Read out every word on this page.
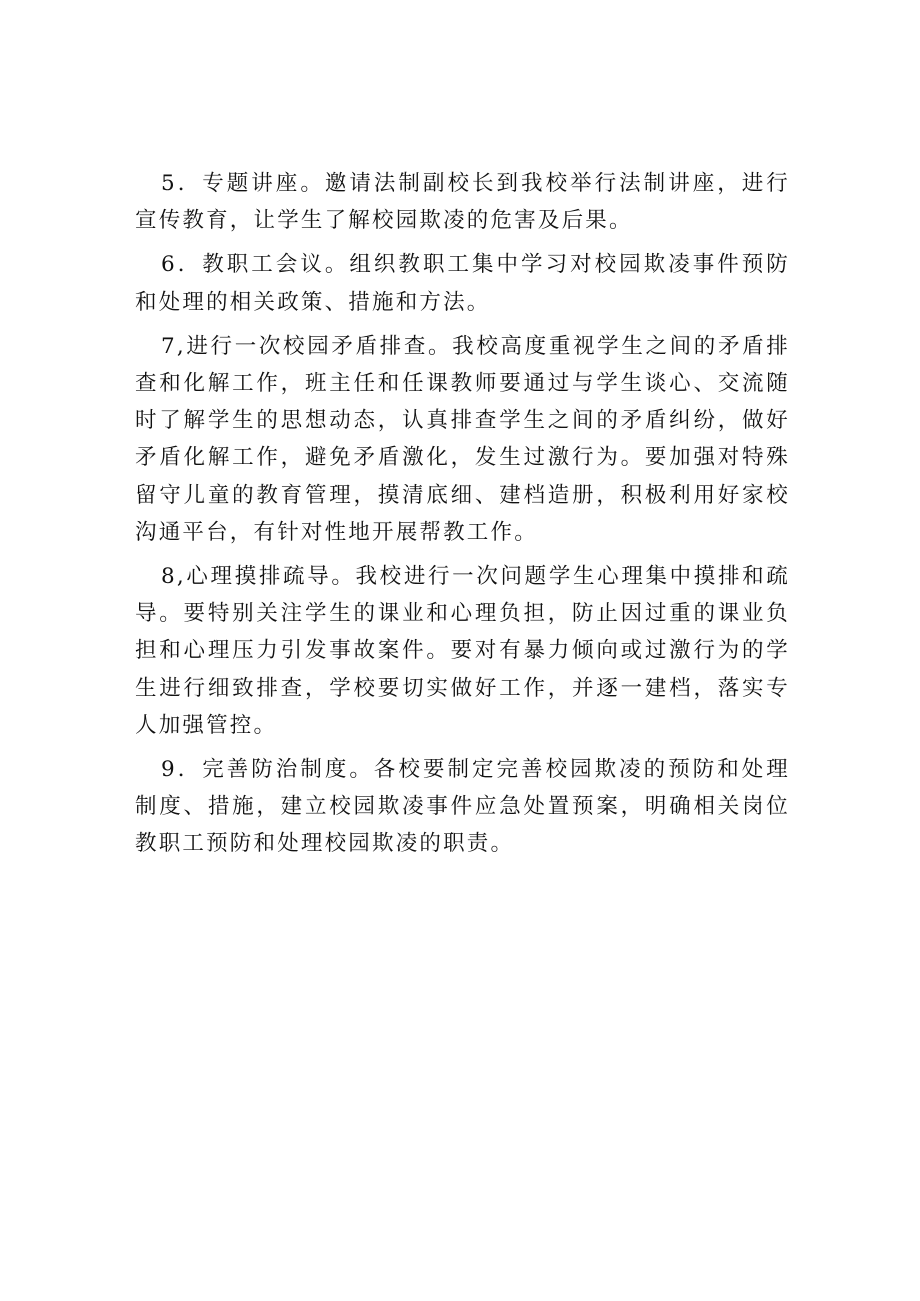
5．专题讲座。邀请法制副校长到我校举行法制讲座，进行宣传教育，让学生了解校园欺凌的危害及后果。

6．教职工会议。组织教职工集中学习对校园欺凌事件预防和处理的相关政策、措施和方法。

7,进行一次校园矛盾排查。我校高度重视学生之间的矛盾排查和化解工作，班主任和任课教师要通过与学生谈心、交流随时了解学生的思想动态，认真排查学生之间的矛盾纠纷，做好矛盾化解工作，避免矛盾激化，发生过激行为。要加强对特殊留守儿童的教育管理，摸清底细、建档造册，积极利用好家校沟通平台，有针对性地开展帮教工作。

8,心理摸排疏导。我校进行一次问题学生心理集中摸排和疏导。要特别关注学生的课业和心理负担，防止因过重的课业负担和心理压力引发事故案件。要对有暴力倾向或过激行为的学生进行细致排查，学校要切实做好工作，并逐一建档，落实专人加强管控。

9．完善防治制度。各校要制定完善校园欺凌的预防和处理制度、措施，建立校园欺凌事件应急处置预案，明确相关岗位教职工预防和处理校园欺凌的职责。
